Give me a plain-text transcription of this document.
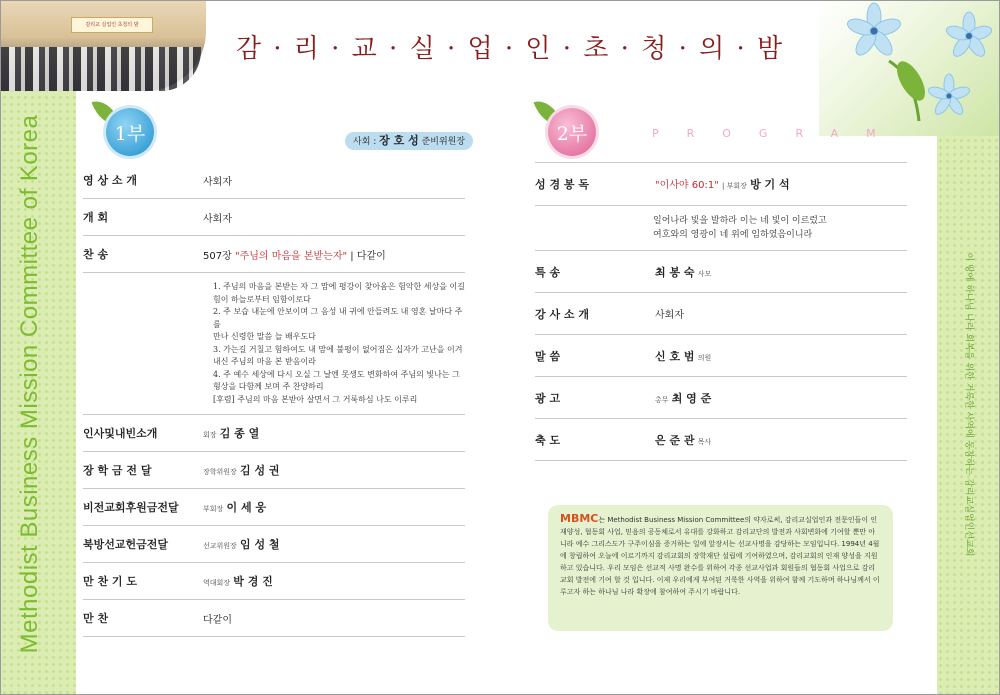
Methodist Business Mission Committee of Korea	이 땅에 하나님 나라 회복을 위한 거룩한 사역에 동참하는 감리교실업인선교회
감리교 실업인 초청의 밤
감 · 리 · 교 · 실 · 업 · 인 · 초 · 청 · 의 · 밤
1부	사회 : 장 호 성 준비위원장
영 상 소 개	사회자
개 회	사회자
찬 송	507장 "주님의 마음을 본받는자" | 다같이
1. 주님의 마음을 본받는 자 그 맘에 평강이 찾아옴은 험악한 세상을 이길
힘이 하늘로부터 임함이로다
2. 주 보습 내눈에 안보이며 그 음성 내 귀에 안들려도 내 영혼 날마다 주를
만나 신령한 말씀 늘 배우도다
3. 가는길 거칠고 험하여도 내 맘에 불평이 없어짐은 십자가 고난을 이겨
내신 주님의 마음 본 받음이라
4. 주 예수 세상에 다시 오실 그 날엔 못생도 변화하여 주님의 빛나는 그
형상을 다함께 보며 주 찬양하리
[후렴] 주님의 마음 본받아 살면서 그 거룩하심 나도 이루리
인사및내빈소개	회장 김 종 열
장 학 금 전 달	장학위원장 김 성 권
비전교회후원금전달	부회장 이 세 웅
북방선교헌금전달	선교위원장 임 성 철
만 찬 기 도	역대회장 박 경 진
만 찬	다같이
2부	PROGRAM
성 경 봉 독	"이사야 60:1" | 부회장 방 기 석
일어나라 빛을 발하라 이는 네 빛이 이르렀고
여호와의 영광이 네 위에 임하였음이니라
특 송	최 봉 숙 사모
강 사 소 개	사회자
말 씀	신 호 범 의원
광 고	총무 최 영 준
축 도	은 준 관 목사
MBMC는 Methodist Business Mission Committee의 약자로써, 감리교실업인과 전문인들이 인재양성, 협동회 사업, 믿음의 공동체로서 유대를 강화하고 감리교단의 발전과 사회변화에 기여할 뿐만 아니라 예수 그리스도가 구주이심을 증거하는 일에 앞장서는 선교사명을 감당하는 모임입니다. 1994년 4월에 창립하여 오늘에 이르기까지 감리교회의 장학재단 설립에 기여하였으며, 감리교회의 인재 양성을 지원하고 있습니다. 우리 모임은 선교적 사명 완수를 위하여 각종 선교사업과 회원들의 협동회 사업으로 감리교회 발전에 기여 할 것 입니다. 이제 우리에게 부여된 거룩한 사역을 위하여 함께 기도하며 하나님께서 이루고자 하는 하나님 나라 확장에 참여하여 주시기 바랍니다.
